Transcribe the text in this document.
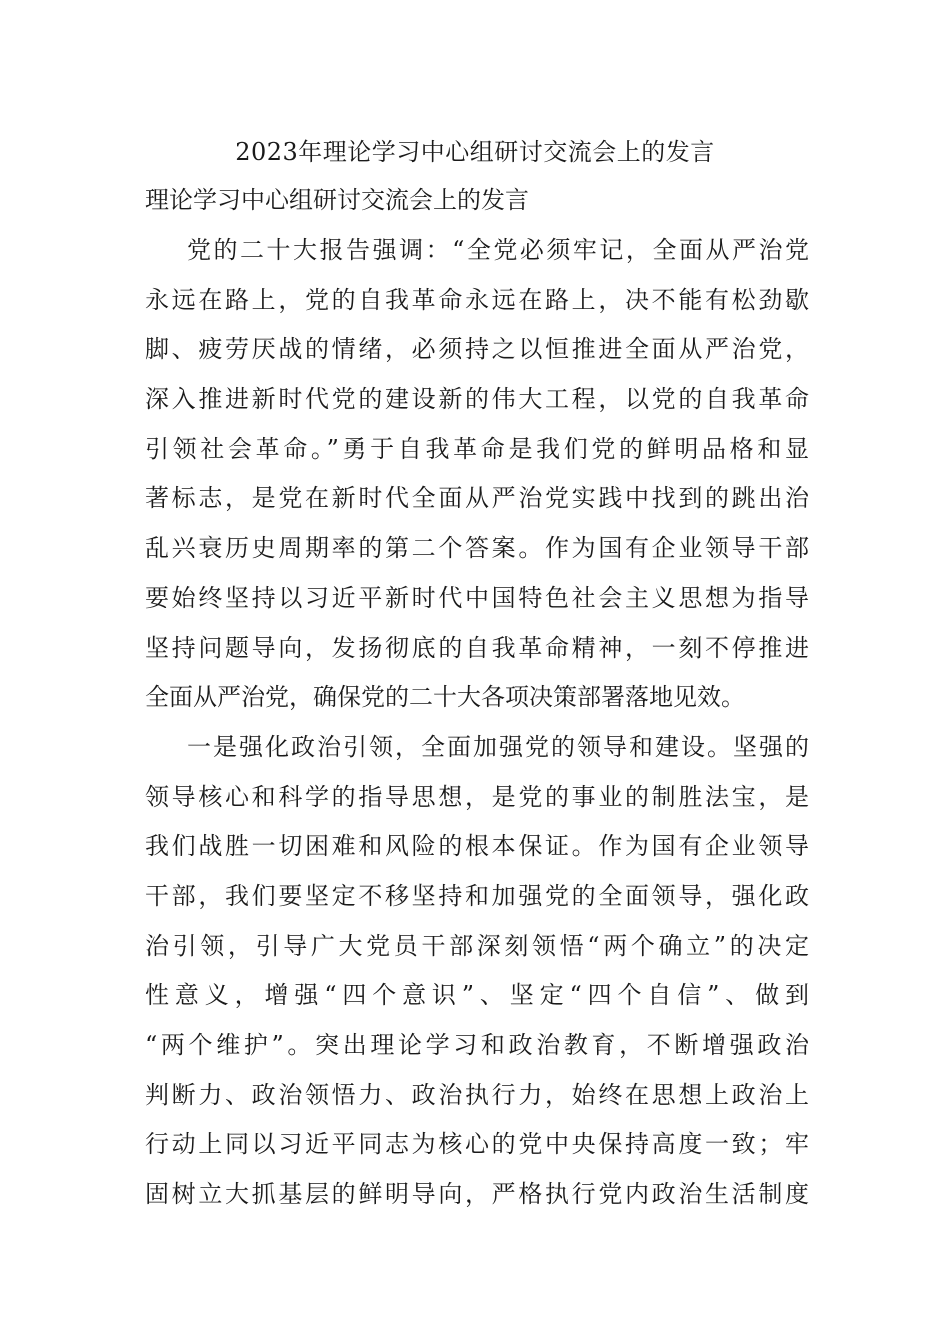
2023年理论学习中心组研讨交流会上的发言
理论学习中心组研讨交流会上的发言
党的二十大报告强调：“全党必须牢记，全面从严治党
永远在路上，党的自我革命永远在路上，决不能有松劲歇
脚、疲劳厌战的情绪，必须持之以恒推进全面从严治党，
深入推进新时代党的建设新的伟大工程，以党的自我革命
引领社会革命。”勇于自我革命是我们党的鲜明品格和显
著标志，是党在新时代全面从严治党实践中找到的跳出治
乱兴衰历史周期率的第二个答案。作为国有企业领导干部
要始终坚持以习近平新时代中国特色社会主义思想为指导
坚持问题导向，发扬彻底的自我革命精神，一刻不停推进
全面从严治党，确保党的二十大各项决策部署落地见效。
一是强化政治引领，全面加强党的领导和建设。坚强的
领导核心和科学的指导思想，是党的事业的制胜法宝，是
我们战胜一切困难和风险的根本保证。作为国有企业领导
干部，我们要坚定不移坚持和加强党的全面领导，强化政
治引领，引导广大党员干部深刻领悟“两个确立”的决定
性意义，增强“四个意识”、坚定“四个自信”、做到
“两个维护”。突出理论学习和政治教育，不断增强政治
判断力、政治领悟力、政治执行力，始终在思想上政治上
行动上同以习近平同志为核心的党中央保持高度一致；牢
固树立大抓基层的鲜明导向，严格执行党内政治生活制度
